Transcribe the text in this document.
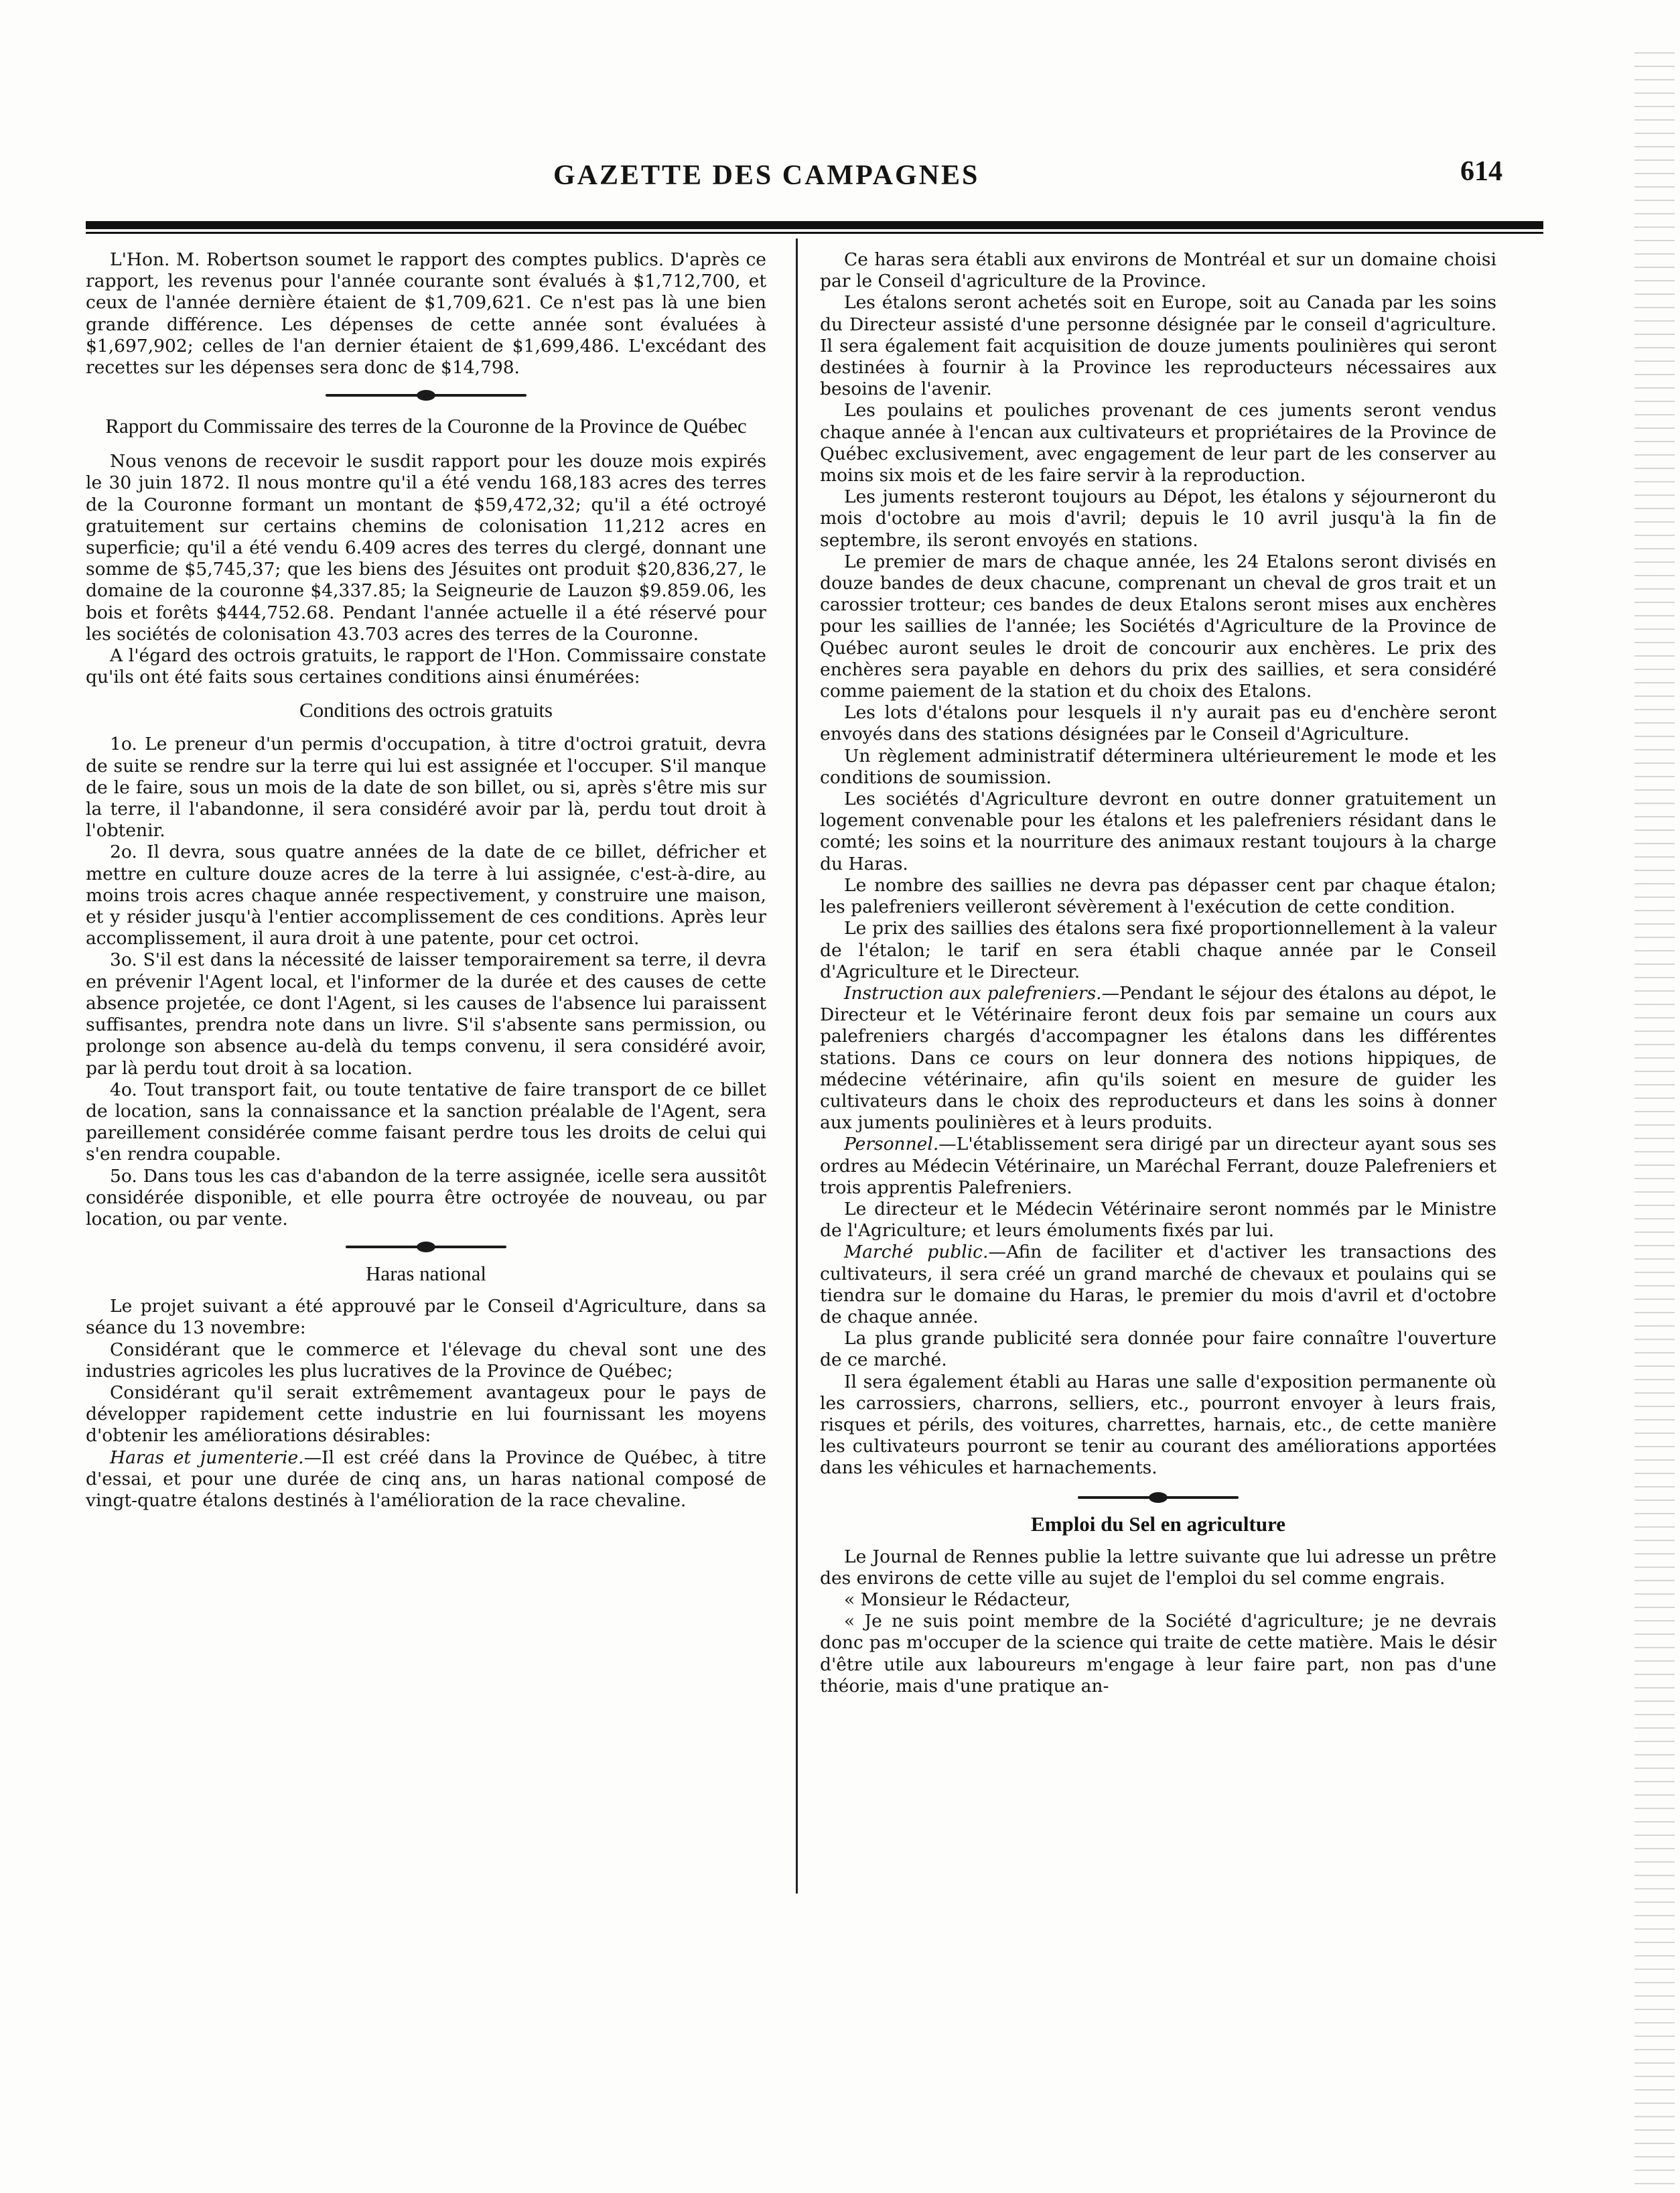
GAZETTE DES CAMPAGNES	614

L'Hon. M. Robertson soumet le rapport des comptes publics. D'après ce rapport, les revenus pour l'année courante sont évalués à $1,712,700, et ceux de l'année dernière étaient de $1,709,621. Ce n'est pas là une bien grande différence. Les dépenses de cette année sont évaluées à $1,697,902; celles de l'an dernier étaient de $1,699,486. L'excédant des recettes sur les dépenses sera donc de $14,798.

Rapport du Commissaire des terres de la Couronne de la Province de Québec

Nous venons de recevoir le susdit rapport pour les douze mois expirés le 30 juin 1872. Il nous montre qu'il a été vendu 168,183 acres des terres de la Couronne formant un montant de $59,472,32; qu'il a été octroyé gratuitement sur certains chemins de colonisation 11,212 acres en superficie; qu'il a été vendu 6.409 acres des terres du clergé, donnant une somme de $5,745,37; que les biens des Jésuites ont produit $20,836,27, le domaine de la couronne $4,337.85; la Seigneurie de Lauzon $9.859.06, les bois et forêts $444,752.68. Pendant l'année actuelle il a été réservé pour les sociétés de colonisation 43.703 acres des terres de la Couronne.

A l'égard des octrois gratuits, le rapport de l'Hon. Commissaire constate qu'ils ont été faits sous certaines conditions ainsi énumérées:

Conditions des octrois gratuits

1o. Le preneur d'un permis d'occupation, à titre d'octroi gratuit, devra de suite se rendre sur la terre qui lui est assignée et l'occuper. S'il manque de le faire, sous un mois de la date de son billet, ou si, après s'être mis sur la terre, il l'abandonne, il sera considéré avoir par là, perdu tout droit à l'obtenir.

2o. Il devra, sous quatre années de la date de ce billet, défricher et mettre en culture douze acres de la terre à lui assignée, c'est-à-dire, au moins trois acres chaque année respectivement, y construire une maison, et y résider jusqu'à l'entier accomplissement de ces conditions. Après leur accomplissement, il aura droit à une patente, pour cet octroi.

3o. S'il est dans la nécessité de laisser temporairement sa terre, il devra en prévenir l'Agent local, et l'informer de la durée et des causes de cette absence projetée, ce dont l'Agent, si les causes de l'absence lui paraissent suffisantes, prendra note dans un livre. S'il s'absente sans permission, ou prolonge son absence au-delà du temps convenu, il sera considéré avoir, par là perdu tout droit à sa location.

4o. Tout transport fait, ou toute tentative de faire transport de ce billet de location, sans la connaissance et la sanction préalable de l'Agent, sera pareillement considérée comme faisant perdre tous les droits de celui qui s'en rendra coupable.

5o. Dans tous les cas d'abandon de la terre assignée, icelle sera aussitôt considérée disponible, et elle pourra être octroyée de nouveau, ou par location, ou par vente.

Haras national

Le projet suivant a été approuvé par le Conseil d'Agriculture, dans sa séance du 13 novembre:

Considérant que le commerce et l'élevage du cheval sont une des industries agricoles les plus lucratives de la Province de Québec;

Considérant qu'il serait extrêmement avantageux pour le pays de développer rapidement cette industrie en lui fournissant les moyens d'obtenir les améliorations désirables:

Haras et jumenterie.—Il est créé dans la Province de Québec, à titre d'essai, et pour une durée de cinq ans, un haras national composé de vingt-quatre étalons destinés à l'amélioration de la race chevaline.

Ce haras sera établi aux environs de Montréal et sur un domaine choisi par le Conseil d'agriculture de la Province.

Les étalons seront achetés soit en Europe, soit au Canada par les soins du Directeur assisté d'une personne désignée par le conseil d'agriculture. Il sera également fait acquisition de douze juments poulinières qui seront destinées à fournir à la Province les reproducteurs nécessaires aux besoins de l'avenir.

Les poulains et pouliches provenant de ces juments seront vendus chaque année à l'encan aux cultivateurs et propriétaires de la Province de Québec exclusivement, avec engagement de leur part de les conserver au moins six mois et de les faire servir à la reproduction.

Les juments resteront toujours au Dépot, les étalons y séjourneront du mois d'octobre au mois d'avril; depuis le 10 avril jusqu'à la fin de septembre, ils seront envoyés en stations.

Le premier de mars de chaque année, les 24 Etalons seront divisés en douze bandes de deux chacune, comprenant un cheval de gros trait et un carossier trotteur; ces bandes de deux Etalons seront mises aux enchères pour les saillies de l'année; les Sociétés d'Agriculture de la Province de Québec auront seules le droit de concourir aux enchères. Le prix des enchères sera payable en dehors du prix des saillies, et sera considéré comme paiement de la station et du choix des Etalons.

Les lots d'étalons pour lesquels il n'y aurait pas eu d'enchère seront envoyés dans des stations désignées par le Conseil d'Agriculture.

Un règlement administratif déterminera ultérieurement le mode et les conditions de soumission.

Les sociétés d'Agriculture devront en outre donner gratuitement un logement convenable pour les étalons et les palefreniers résidant dans le comté; les soins et la nourriture des animaux restant toujours à la charge du Haras.

Le nombre des saillies ne devra pas dépasser cent par chaque étalon; les palefreniers veilleront sévèrement à l'exécution de cette condition.

Le prix des saillies des étalons sera fixé proportionnellement à la valeur de l'étalon; le tarif en sera établi chaque année par le Conseil d'Agriculture et le Directeur.

Instruction aux palefreniers.—Pendant le séjour des étalons au dépot, le Directeur et le Vétérinaire feront deux fois par semaine un cours aux palefreniers chargés d'accompagner les étalons dans les différentes stations. Dans ce cours on leur donnera des notions hippiques, de médecine vétérinaire, afin qu'ils soient en mesure de guider les cultivateurs dans le choix des reproducteurs et dans les soins à donner aux juments poulinières et à leurs produits.

Personnel.—L'établissement sera dirigé par un directeur ayant sous ses ordres au Médecin Vétérinaire, un Maréchal Ferrant, douze Palefreniers et trois apprentis Palefreniers.

Le directeur et le Médecin Vétérinaire seront nommés par le Ministre de l'Agriculture; et leurs émoluments fixés par lui.

Marché public.—Afin de faciliter et d'activer les transactions des cultivateurs, il sera créé un grand marché de chevaux et poulains qui se tiendra sur le domaine du Haras, le premier du mois d'avril et d'octobre de chaque année.

La plus grande publicité sera donnée pour faire connaître l'ouverture de ce marché.

Il sera également établi au Haras une salle d'exposition permanente où les carrossiers, charrons, selliers, etc., pourront envoyer à leurs frais, risques et périls, des voitures, charrettes, harnais, etc., de cette manière les cultivateurs pourront se tenir au courant des améliorations apportées dans les véhicules et harnachements.

Emploi du Sel en agriculture

Le Journal de Rennes publie la lettre suivante que lui adresse un prêtre des environs de cette ville au sujet de l'emploi du sel comme engrais.

« Monsieur le Rédacteur,

« Je ne suis point membre de la Société d'agriculture; je ne devrais donc pas m'occuper de la science qui traite de cette matière. Mais le désir d'être utile aux laboureurs m'engage à leur faire part, non pas d'une théorie, mais d'une pratique an-
